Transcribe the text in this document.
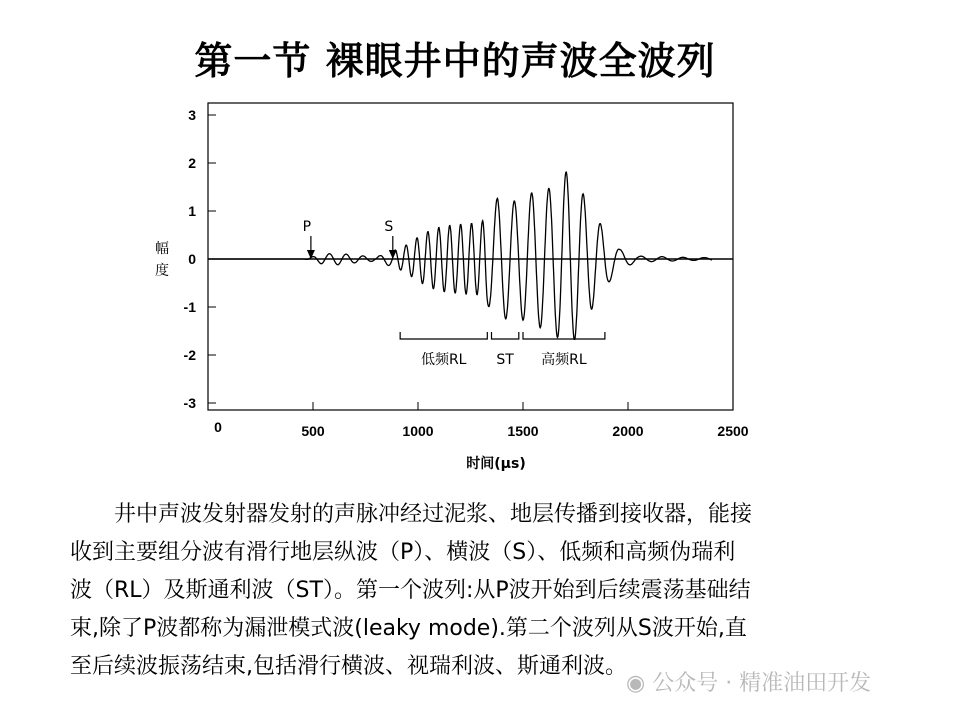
第一节 裸眼井中的声波全波列
3
2
1
0
-1
-2
-3
0	500	1000	1500	2000	2500
时间(μs)
幅
度
P	S
低频RL ST 高频RL
　　井中声波发射器发射的声脉冲经过泥浆、地层传播到接收器，能接
收到主要组分波有滑行地层纵波（P）、横波（S）、低频和高频伪瑞利
波（RL）及斯通利波（ST）。第一个波列:从P波开始到后续震荡基础结
束,除了P波都称为漏泄模式波(leaky mode).第二个波列从S波开始,直
至后续波振荡结束,包括滑行横波、视瑞利波、斯通利波。
◉ 公众号 · 精准油田开发
